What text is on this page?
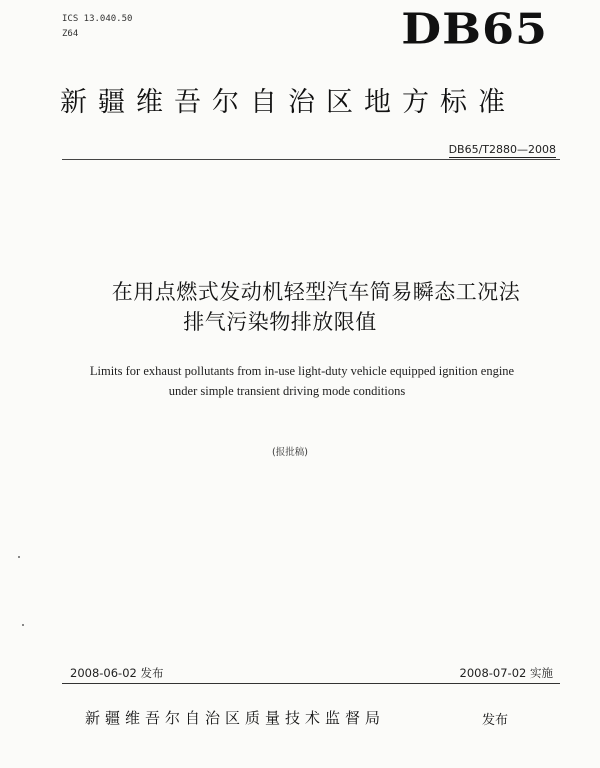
ICS 13.040.50
Z64	DB65
新疆维吾尔自治区地方标准
DB65/T2880—2008
在用点燃式发动机轻型汽车简易瞬态工况法
排气污染物排放限值
Limits for exhaust pollutants from in-use light-duty vehicle equipped ignition engine
under simple transient driving mode conditions
(报批稿)
2008-06-02 发布	2008-07-02 实施
新疆维吾尔自治区质量技术监督局	发布
